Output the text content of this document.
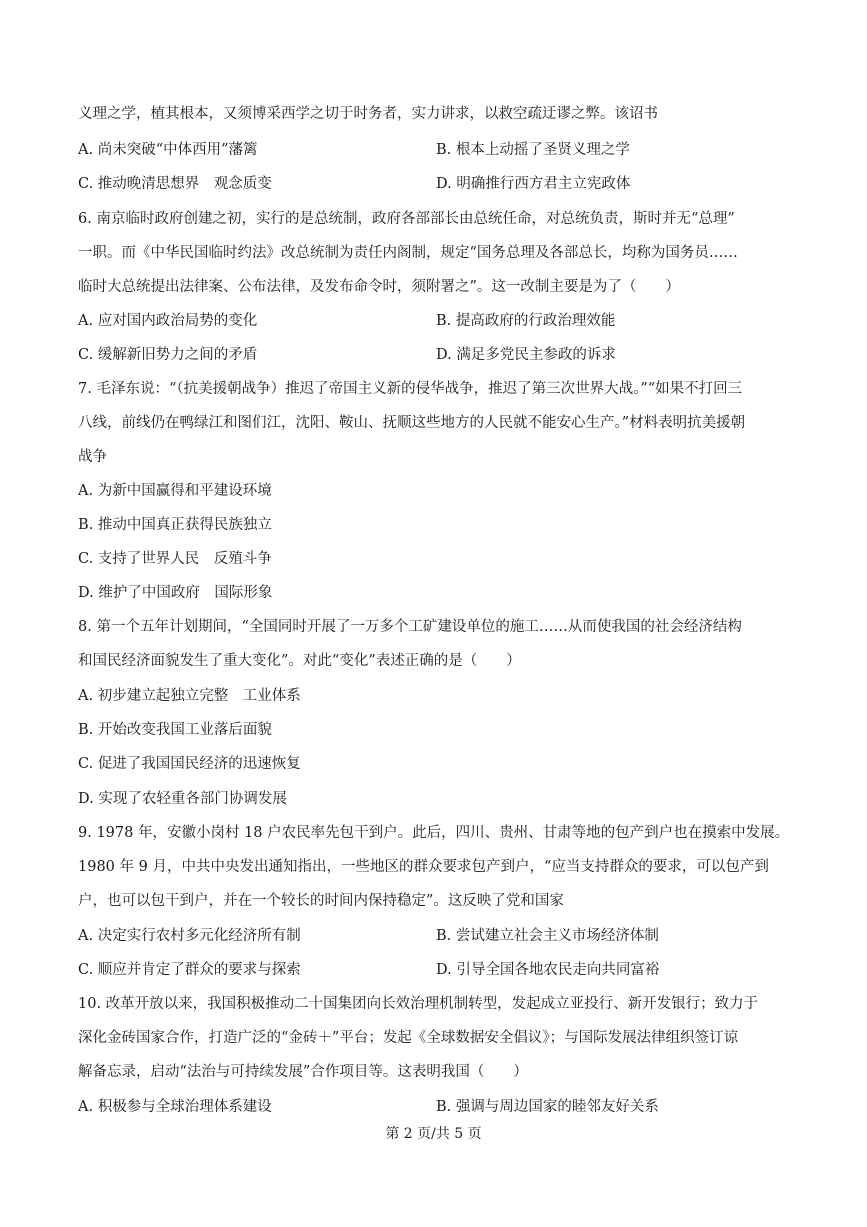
义理之学，植其根本，又须博采西学之切于时务者，实力讲求，以救空疏迂谬之弊。该诏书
A. 尚未突破“中体西用”藩篱	B. 根本上动摇了圣贤义理之学
C. 推动晚清思想界　观念质变	D. 明确推行西方君主立宪政体
6. 南京临时政府创建之初，实行的是总统制，政府各部部长由总统任命，对总统负责，斯时并无“总理”
一职。而《中华民国临时约法》改总统制为责任内阁制，规定“国务总理及各部总长，均称为国务员……
临时大总统提出法律案、公布法律，及发布命令时，须附署之”。这一改制主要是为了（　　）
A. 应对国内政治局势的变化	B. 提高政府的行政治理效能
C. 缓解新旧势力之间的矛盾	D. 满足多党民主参政的诉求
7. 毛泽东说：“（抗美援朝战争）推迟了帝国主义新的侵华战争，推迟了第三次世界大战。”“如果不打回三
八线，前线仍在鸭绿江和图们江，沈阳、鞍山、抚顺这些地方的人民就不能安心生产。”材料表明抗美援朝
战争
A. 为新中国赢得和平建设环境
B. 推动中国真正获得民族独立
C. 支持了世界人民　反殖斗争
D. 维护了中国政府　国际形象
8. 第一个五年计划期间，“全国同时开展了一万多个工矿建设单位的施工……从而使我国的社会经济结构
和国民经济面貌发生了重大变化”。对此“变化”表述正确的是（　　）
A. 初步建立起独立完整　工业体系
B. 开始改变我国工业落后面貌
C. 促进了我国国民经济的迅速恢复
D. 实现了农轻重各部门协调发展
9. 1978 年，安徽小岗村 18 户农民率先包干到户。此后，四川、贵州、甘肃等地的包产到户也在摸索中发展。
1980 年 9 月，中共中央发出通知指出，一些地区的群众要求包产到户，“应当支持群众的要求，可以包产到
户，也可以包干到户，并在一个较长的时间内保持稳定”。这反映了党和国家
A. 决定实行农村多元化经济所有制	B. 尝试建立社会主义市场经济体制
C. 顺应并肯定了群众的要求与探索	D. 引导全国各地农民走向共同富裕
10. 改革开放以来，我国积极推动二十国集团向长效治理机制转型，发起成立亚投行、新开发银行；致力于
深化金砖国家合作，打造广泛的“金砖＋”平台；发起《全球数据安全倡议》；与国际发展法律组织签订谅
解备忘录，启动“法治与可持续发展”合作项目等。这表明我国（　　）
A. 积极参与全球治理体系建设	B. 强调与周边国家的睦邻友好关系
第 2 页/共 5 页
